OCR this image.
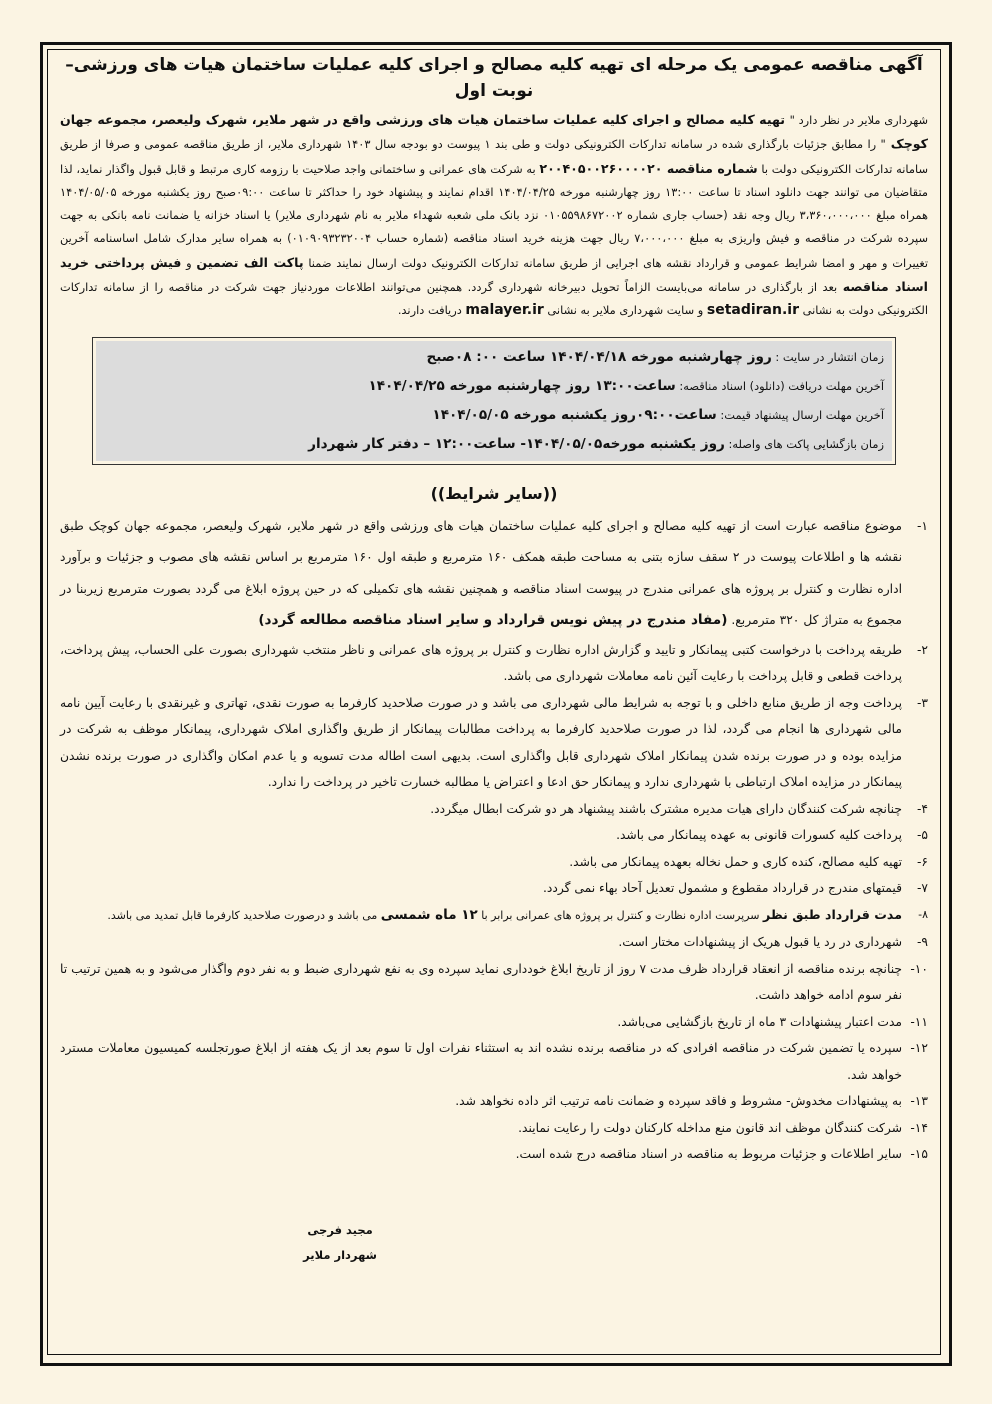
آگهی مناقصه عمومی یک مرحله ای تهیه کلیه مصالح و اجرای کلیه عملیات ساختمان هیات های ورزشی– نوبت اول

شهرداری ملایر در نظر دارد " تهیه کلیه مصالح و اجرای کلیه عملیات ساختمان هیات های ورزشی واقع در شهر ملایر، شهرک ولیعصر، مجموعه جهان کوچک " را مطابق جزئیات بارگذاری شده در سامانه تدارکات الکترونیکی دولت و طی بند ۱ پیوست دو بودجه سال ۱۴۰۳ شهرداری ملایر، از طریق مناقصه عمومی و صرفا از طریق سامانه تدارکات الکترونیکی دولت با شماره مناقصه ۲۰۰۴۰۵۰۰۲۶۰۰۰۰۲۰ به شرکت های عمرانی و ساختمانی واجد صلاحیت با رزومه کاری مرتبط و قابل قبول واگذار نماید، لذا متقاضیان می توانند جهت دانلود اسناد تا ساعت ۱۳:۰۰ روز چهارشنبه مورخه ۱۴۰۴/۰۴/۲۵ اقدام نمایند و پیشنهاد خود را حداکثر تا ساعت ۰۹:۰۰صبح روز یکشنبه مورخه ۱۴۰۴/۰۵/۰۵ همراه مبلغ ۳،۳۶۰،۰۰۰،۰۰۰ ریال وجه نقد (حساب جاری شماره ۰۱۰۵۵۹۸۶۷۲۰۰۲ نزد بانک ملی شعبه شهداء ملایر به نام شهرداری ملایر) یا اسناد خزانه یا ضمانت نامه بانکی به جهت سپرده شرکت در مناقصه و فیش واریزی به مبلغ ۷،۰۰۰،۰۰۰ ریال جهت هزینه خرید اسناد مناقصه (شماره حساب ۰۱۰۹۰۹۳۲۳۲۰۰۴) به همراه سایر مدارک شامل اساسنامه آخرین تغییرات و مهر و امضا شرایط عمومی و قرارداد نقشه های اجرایی از طریق سامانه تدارکات الکترونیک دولت ارسال نمایند ضمنا پاکت الف تضمین و فیش پرداختی خرید اسناد مناقصه بعد از بارگذاری در سامانه می‌بایست الزاماً تحویل دبیرخانه شهرداری گردد. همچنین می‌توانند اطلاعات موردنیاز جهت شرکت در مناقصه را از سامانه تدارکات الکترونیکی دولت به نشانی setadiran.ir و سایت شهرداری ملایر به نشانی malayer.ir دریافت دارند.

زمان انتشار در سایت : روز چهارشنبه مورخه ۱۴۰۴/۰۴/۱۸ ساعت ۰۰: ۰۸صبح
آخرین مهلت دریافت (دانلود) اسناد مناقصه: ساعت۱۳:۰۰ روز چهارشنبه مورخه ۱۴۰۴/۰۴/۲۵
آخرین مهلت ارسال پیشنهاد قیمت: ساعت۰۹:۰۰روز یکشنبه مورخه ۱۴۰۴/۰۵/۰۵
زمان بازگشایی پاکت های واصله: روز یکشنبه مورخه۱۴۰۴/۰۵/۰۵- ساعت۱۲:۰۰ – دفتر کار شهردار
((سایر شرایط))
۱-
موضوع مناقصه عبارت است از تهیه کلیه مصالح و اجرای کلیه عملیات ساختمان هیات های ورزشی واقع در شهر ملایر، شهرک ولیعصر، مجموعه جهان کوچک طبق نقشه ها و اطلاعات پیوست در ۲ سقف سازه بتنی به مساحت طبقه همکف ۱۶۰ مترمربع و طبقه اول ۱۶۰ مترمربع بر اساس نقشه های مصوب و جزئیات و برآورد اداره نظارت و کنترل بر پروژه های عمرانی مندرج در پیوست اسناد مناقصه و همچنین نقشه های تکمیلی که در حین پروژه ابلاغ می گردد بصورت مترمربع زیربنا در مجموع به متراژ کل ۳۲۰ مترمربع. (مفاد مندرج در پیش نویس قرارداد و سایر اسناد مناقصه مطالعه گردد)
۲-
طریقه پرداخت با درخواست کتبی پیمانکار و تایید و گزارش اداره نظارت و کنترل بر پروژه های عمرانی و ناظر منتخب شهرداری بصورت علی الحساب، پیش پرداخت، پرداخت قطعی و قابل پرداخت با رعایت آئین نامه معاملات شهرداری می باشد.
۳-
پرداخت وجه از طریق منابع داخلی و با توجه به شرایط مالی شهرداری می باشد و در صورت صلاحدید کارفرما به صورت نقدی، تهاتری و غیرنقدی با رعایت آیین نامه مالی شهرداری ها انجام می گردد، لذا در صورت صلاحدید کارفرما به پرداخت مطالبات پیمانکار از طریق واگذاری املاک شهرداری، پیمانکار موظف به شرکت در مزایده بوده و در صورت برنده شدن پیمانکار املاک شهرداری قابل واگذاری است. بدیهی است اطاله مدت تسویه و یا عدم امکان واگذاری در صورت برنده نشدن پیمانکار در مزایده املاک ارتباطی با شهرداری ندارد و پیمانکار حق ادعا و اعتراض یا مطالبه خسارت تاخیر در پرداخت را ندارد.
۴-
چنانچه شرکت کنندگان دارای هیات مدیره مشترک باشند پیشنهاد هر دو شرکت ابطال میگردد.
۵-
پرداخت کلیه کسورات قانونی به عهده پیمانکار می باشد.
۶-
تهیه کلیه مصالح، کنده کاری و حمل نخاله بعهده پیمانکار می باشد.
۷-
قیمتهای مندرج در قرارداد مقطوع و مشمول تعدیل آحاد بهاء نمی گردد.
۸-
مدت قرارداد طبق نظر سرپرست اداره نظارت و کنترل بر پروژه های عمرانی برابر با ۱۲ ماه شمسی می باشد و درصورت صلاحدید کارفرما قابل تمدید می باشد.
۹-
شهرداری در رد یا قبول هریک از پیشنهادات مختار است.
۱۰-
چنانچه برنده مناقصه از انعقاد قرارداد ظرف مدت ۷ روز از تاریخ ابلاغ خودداری نماید سپرده وی به نفع شهرداری ضبط و به نفر دوم واگذار می‌شود و به همین ترتیب تا نفر سوم ادامه خواهد داشت.
۱۱-
مدت اعتبار پیشنهادات ۳ ماه از تاریخ بازگشایی می‌باشد.
۱۲-
سپرده یا تضمین شرکت در مناقصه افرادی که در مناقصه برنده نشده اند به استثناء نفرات اول تا سوم بعد از یک هفته از ابلاغ صورتجلسه کمیسیون معاملات مسترد خواهد شد.
۱۳-
به پیشنهادات مخدوش- مشروط و فاقد سپرده و ضمانت نامه ترتیب اثر داده نخواهد شد.
۱۴-
شرکت کنندگان موظف اند قانون منع مداخله کارکنان دولت را رعایت نمایند.
۱۵-
سایر اطلاعات و جزئیات مربوط به مناقصه در اسناد مناقصه درج شده است.
مجید فرجی
شهردار ملایر
